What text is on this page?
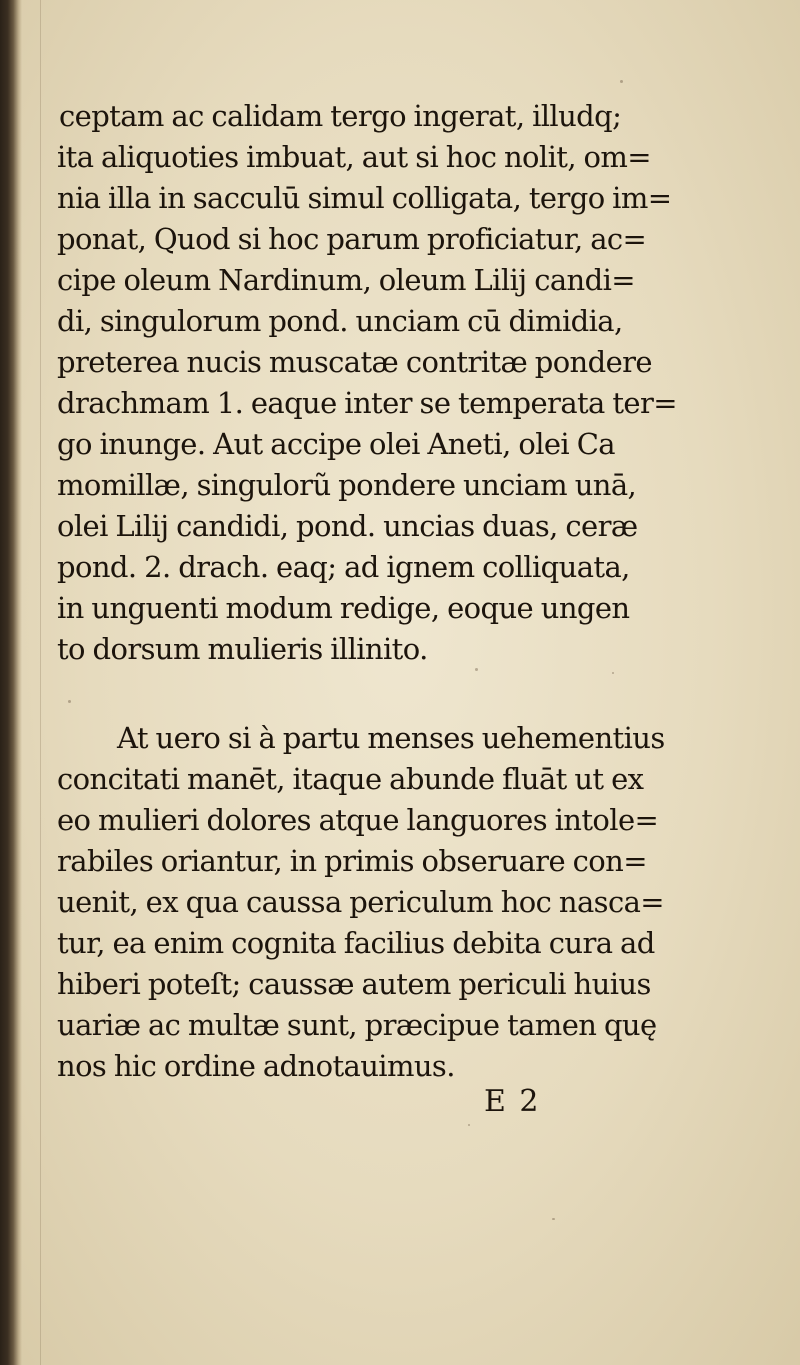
ceptam ac calidam tergo ingerat, illudq;
ita aliquoties imbuat, aut si hoc nolit, om=
nia illa in sacculū simul colligata, tergo im=
ponat, Quod si hoc parum proficiatur, ac=
cipe oleum Nardinum, oleum Lilij candi=
di, singulorum pond. unciam cū dimidia,
preterea nucis muscatæ contritæ pondere
drachmam 1. eaque inter se temperata ter=
go inunge. Aut accipe olei Aneti, olei Ca
momillæ, singulorũ pondere unciam unā,
olei Lilij candidi, pond. uncias duas, ceræ
pond. 2. drach. eaq; ad ignem colliquata,
in unguenti modum redige, eoque ungen
to dorsum mulieris illinito.
At uero si à partu menses uehementius
concitati manēt, itaque abunde fluāt ut ex
eo mulieri dolores atque languores intole=
rabiles oriantur, in primis obseruare con=
uenit, ex qua caussa periculum hoc nasca=
tur, ea enim cognita facilius debita cura ad
hiberi poteſt; caussæ autem periculi huius
uariæ ac multæ sunt, præcipue tamen quę
nos hic ordine adnotauimus.
E 2
